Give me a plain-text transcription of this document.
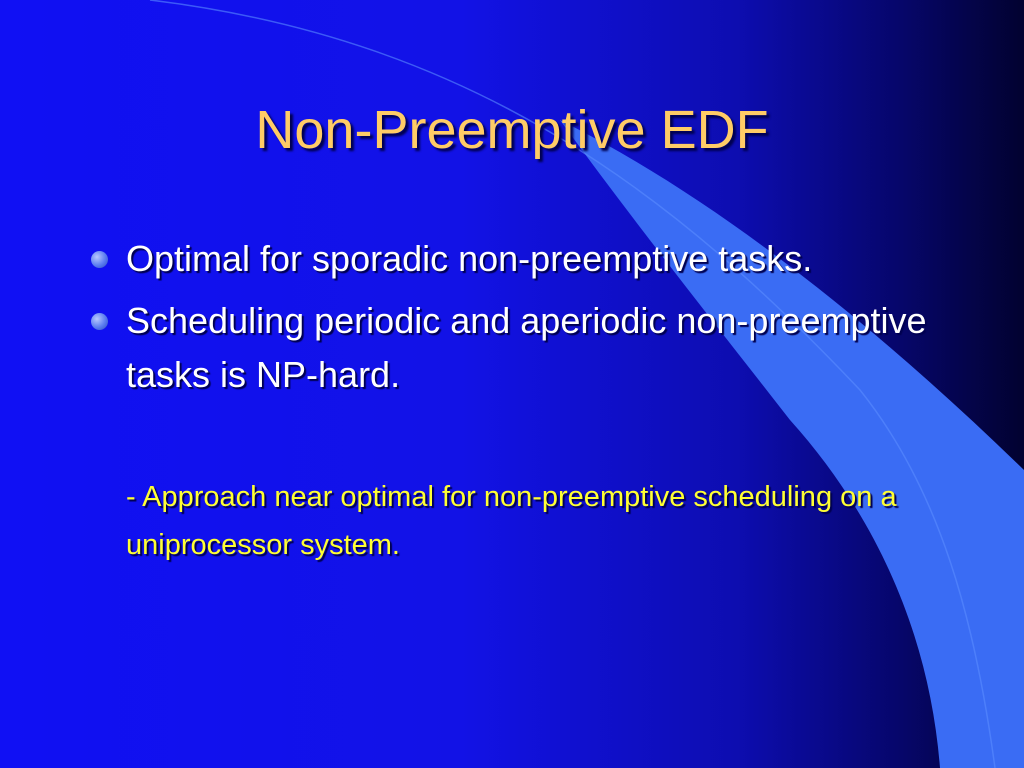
Non-Preemptive EDF
Optimal for sporadic non-preemptive tasks.
Scheduling periodic and aperiodic non-preemptive tasks is NP-hard.

- Approach near optimal for non-preemptive scheduling on a uniprocessor system.
